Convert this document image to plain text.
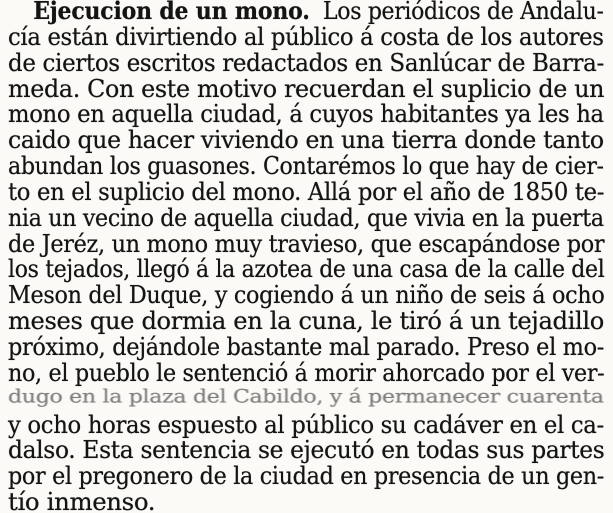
Ejecucion de un mono. Los periódicos de Andalu-
cía están divirtiendo al público á costa de los autores
de ciertos escritos redactados en Sanlúcar de Barra-
meda. Con este motivo recuerdan el suplicio de un
mono en aquella ciudad, á cuyos habitantes ya les ha
caido que hacer viviendo en una tierra donde tanto
abundan los guasones. Contarémos lo que hay de cier-
to en el suplicio del mono. Allá por el año de 1850 te-
nia un vecino de aquella ciudad, que vivia en la puerta
de Jeréz, un mono muy travieso, que escapándose por
los tejados, llegó á la azotea de una casa de la calle del
Meson del Duque, y cogiendo á un niño de seis á ocho
meses que dormia en la cuna, le tiró á un tejadillo
próximo, dejándole bastante mal parado. Preso el mo-
no, el pueblo le sentenció á morir ahorcado por el ver-
dugo en la plaza del Cabildo, y á permanecer cuarenta
y ocho horas espuesto al público su cadáver en el ca-
dalso. Esta sentencia se ejecutó en todas sus partes
por el pregonero de la ciudad en presencia de un gen-
tío inmenso.
